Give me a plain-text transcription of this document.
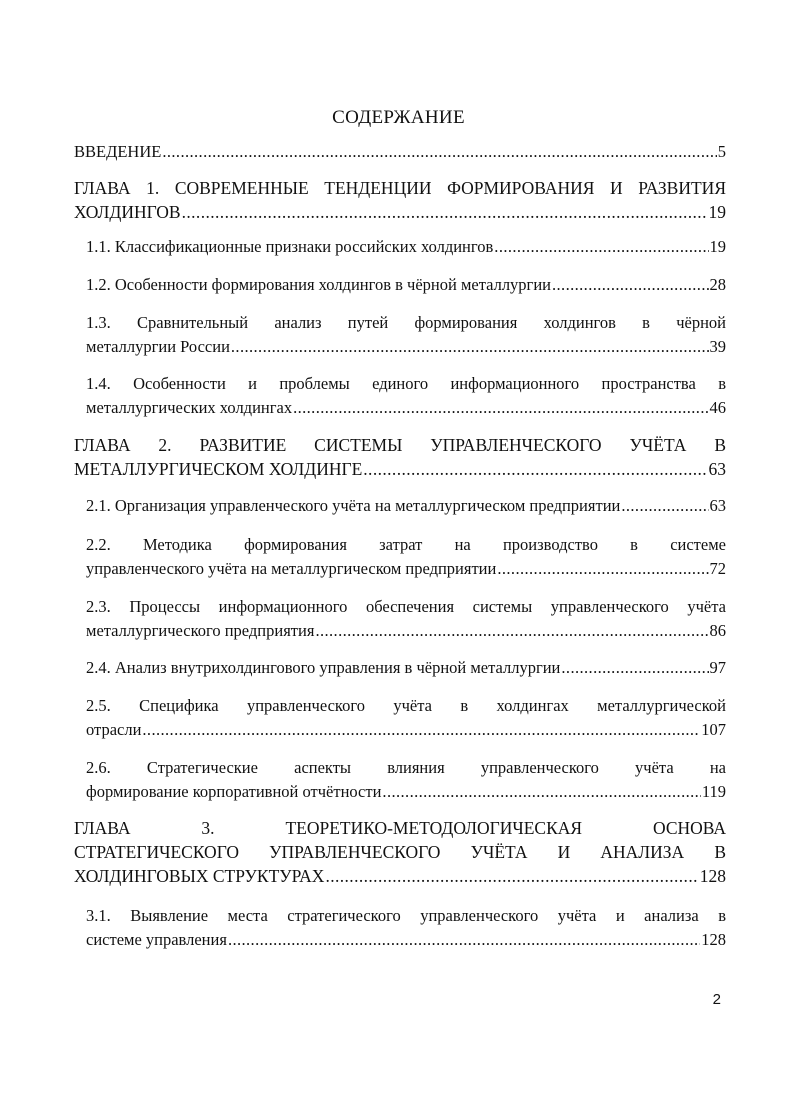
СОДЕРЖАНИЕ
ВВЕДЕНИЕ .....	5
ГЛАВА 1. СОВРЕМЕННЫЕ ТЕНДЕНЦИИ ФОРМИРОВАНИЯ И РАЗВИТИЯ
ХОЛДИНГОВ .....	19
1.1. Классификационные признаки российских холдингов .....	19
1.2. Особенности формирования холдингов в чёрной металлургии .....	28
1.3. Сравнительный анализ путей формирования холдингов в чёрной
металлургии России .....	39
1.4. Особенности и проблемы единого информационного пространства в
металлургических холдингах .....	46
ГЛАВА 2. РАЗВИТИЕ СИСТЕМЫ УПРАВЛЕНЧЕСКОГО УЧЁТА В
МЕТАЛЛУРГИЧЕСКОМ ХОЛДИНГЕ .....	63
2.1. Организация управленческого учёта на металлургическом предприятии .....	63
2.2. Методика формирования затрат на производство в системе
управленческого учёта на металлургическом предприятии .....	72
2.3. Процессы информационного обеспечения системы управленческого учёта
металлургического предприятия .....	86
2.4. Анализ внутрихолдингового управления в чёрной металлургии .....	97
2.5. Специфика управленческого учёта в холдингах металлургической
отрасли .....	107
2.6. Стратегические аспекты влияния управленческого учёта на
формирование корпоративной отчётности .....	119
ГЛАВА 3. ТЕОРЕТИКО-МЕТОДОЛОГИЧЕСКАЯ ОСНОВА
СТРАТЕГИЧЕСКОГО УПРАВЛЕНЧЕСКОГО УЧЁТА И АНАЛИЗА В
ХОЛДИНГОВЫХ СТРУКТУРАХ .....	128
3.1. Выявление места стратегического управленческого учёта и анализа в
системе управления .....	128
2
